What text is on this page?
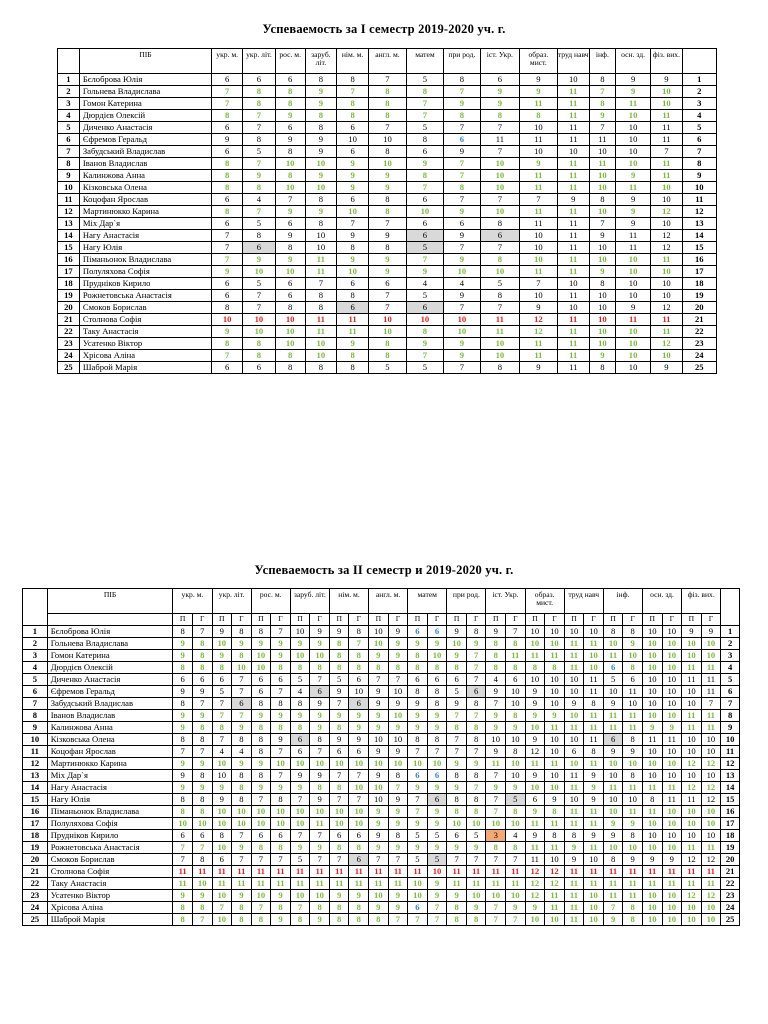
Успеваемость за І семестр 2019-2020 уч. г.
	ПІБ	укр. м.	укр. літ.	рос. м.	заруб. літ.	нім. м.	англ. м.	матем	при род.	іст. Укр.	образ. мист.	труд навч	інф.	осн. зд.	фіз. вих.	
1	Бєлоброва Юлія	6	6	6	8	8	7	5	8	6	9	10	8	9	9	1
2	Гольнева Владислава	7	8	8	9	7	8	8	7	9	9	11	7	9	10	2
3	Гомон Катерина	7	8	8	9	8	8	7	9	9	11	11	8	11	10	3
4	Дюрдієв Олексій	8	7	9	8	8	8	7	8	8	8	11	9	10	11	4
5	Диченко Анастасія	6	7	6	8	6	7	5	7	7	10	11	7	10	11	5
6	Єфремов Геральд	9	8	9	9	10	10	8	6	11	11	11	11	10	11	6
7	Забудський Владислав	6	5	8	9	6	8	6	9	7	10	10	10	10	7	7
8	Іванов Владислав	8	7	10	10	9	10	9	7	10	9	11	11	10	11	8
9	Калинжова Анна	8	9	8	9	9	9	8	7	10	11	11	10	9	11	9
10	Кізковська Олена	8	8	10	10	9	9	7	8	10	11	11	10	11	10	10
11	Коцофан Ярослав	6	4	7	8	6	8	6	7	7	7	9	8	9	10	11
12	Мартинюкко Карина	8	7	9	9	10	8	10	9	10	11	11	10	9	12	12
13	Міх Дар`я	6	5	6	8	7	7	6	6	8	11	11	7	9	10	13
14	Нагу Анастасія	7	8	9	10	9	9	6	9	6	10	11	9	11	12	14
15	Нагу Юлія	7	6	8	10	8	8	5	7	7	10	11	10	11	12	15
16	Піманьонок Владислава	7	9	9	11	9	9	7	9	8	10	11	10	10	11	16
17	Полуляхова Софія	9	10	10	11	10	9	9	10	10	11	11	9	10	10	17
18	Прудніков Кирило	6	5	6	7	6	6	4	4	5	7	10	8	10	10	18
19	Рожнетовська Анастасія	6	7	6	8	8	7	5	9	8	10	11	10	10	10	19
20	Смоков Борислав	8	7	8	8	6	7	6	7	7	9	10	10	9	12	20
21	Столнова Софія	10	10	10	11	11	10	10	10	11	12	11	10	11	11	21
22	Таку Анастасія	9	10	10	11	11	10	8	10	11	12	11	10	10	11	22
23	Усатенко Віктор	8	8	10	10	9	8	9	9	10	11	11	10	10	12	23
24	Хрісова Аліна	7	8	8	10	8	8	7	9	10	11	11	9	10	10	24
25	Шаброй Марія	6	6	8	8	8	5	5	7	8	9	11	8	10	9	25
Успеваемость за ІІ семестр и 2019-2020 уч. г.
	ПІБ	укр. м.		укр. літ.		рос. м.		заруб. літ.		нім. м.		англ. м.		матем		при род.		іст. Укр.		образ. мист.		труд навч		інф.		осн. зд.		фіз. вих.		
		П	Г	П	Г	П	Г	П	Г	П	Г	П	Г	П	Г	П	Г	П	Г	П	Г	П	Г	П	Г	П	Г	П	Г	
1	Бєлоброва Юлія	8	7	9	8	8	7	10	9	9	8	10	9	6	6	9	8	9	7	10	10	10	10	8	8	10	10	9	9	1
2	Гольнева Владислава	9	8	10	9	9	9	9	9	8	7	10	9	9	9	10	9	8	8	10	10	11	11	10	9	10	10	10	10	2
3	Гомон Катерина	9	8	9	8	10	9	10	10	8	8	9	9	8	10	9	7	8	11	11	11	11	10	11	10	10	10	10	10	3
4	Дюрдієв Олексій	8	8	8	10	10	8	8	8	8	8	8	8	8	8	8	7	8	8	8	8	11	10	6	8	10	10	11	11	4
5	Диченко Анастасія	6	6	6	7	6	6	5	7	5	6	7	7	6	6	6	7	4	6	10	10	10	11	5	6	10	10	11	11	5
6	Єфремов Геральд	9	9	5	7	6	7	4	6	9	10	9	10	8	8	5	6	9	10	9	10	10	11	10	11	10	10	10	11	6
7	Забудський Владислав	8	7	7	6	8	8	8	9	7	6	9	9	9	8	9	8	7	10	9	10	9	8	9	10	10	10	10	7	7
8	Іванов Владислав	9	9	7	7	9	9	9	9	9	9	9	10	9	9	7	7	9	8	9	9	10	11	11	11	10	10	11	11	8
9	Калинжова Анна	9	8	8	9	8	8	8	9	8	9	9	9	9	9	8	8	9	9	10	11	11	11	11	11	9	9	11	11	9
10	Кізковська Олена	8	8	7	8	8	9	6	8	9	9	10	10	8	8	7	8	10	10	9	10	10	11	6	8	11	11	10	10	10
11	Коцофан Ярослав	7	7	4	4	8	7	6	7	6	6	9	9	7	7	7	7	9	8	12	10	6	8	9	9	10	10	10	10	11
12	Мартинюкко Карина	9	9	10	9	9	10	10	10	10	10	10	10	10	10	9	9	11	10	11	11	10	11	10	10	10	10	12	12	12
13	Міх Дар`я	9	8	10	8	8	7	9	9	7	7	9	8	6	6	8	8	7	10	9	10	11	9	10	8	10	10	10	10	13
14	Нагу Анастасія	9	9	9	8	9	9	9	8	8	10	10	7	9	9	9	7	9	9	10	10	11	9	11	11	11	11	12	12	14
15	Нагу Юлія	8	8	9	8	7	8	7	9	7	7	10	9	7	6	8	8	7	5	6	9	10	9	10	10	8	11	11	12	15
16	Піманьонок Владислава	8	8	10	10	10	10	10	10	10	10	9	9	7	9	8	8	7	8	9	8	11	11	10	11	11	10	10	10	16
17	Полуляхова Софія	10	10	10	10	10	10	10	11	10	10	9	9	9	9	10	10	10	10	11	11	11	11	9	9	10	10	10	10	17
18	Прудніков Кирило	6	6	8	7	6	6	7	7	6	6	9	8	5	5	6	5	3	4	9	8	8	9	9	8	10	10	10	10	18
19	Рожнетовська Анастасія	7	7	10	9	8	8	9	9	8	8	9	9	9	9	9	9	8	8	11	11	9	11	10	10	10	10	11	11	19
20	Смоков Борислав	7	8	6	7	7	7	5	7	7	6	7	7	5	5	7	7	7	7	11	10	9	10	8	9	9	9	12	12	20
21	Столнова Софія	11	11	11	11	11	11	11	11	11	11	11	11	11	10	11	11	11	11	12	12	11	11	11	11	11	11	11	11	21
22	Таку Анастасія	11	10	11	11	11	11	11	11	11	11	11	11	10	9	11	11	11	11	12	12	11	11	11	11	11	11	11	11	22
23	Усатенко Віктор	9	9	10	9	10	9	10	10	9	9	10	9	10	9	9	10	10	10	12	11	11	10	11	11	10	10	12	12	23
24	Хрісова Аліна	8	8	7	8	7	8	7	8	8	8	9	9	6	7	8	9	7	9	9	11	11	10	7	8	10	10	10	10	24
25	Шаброй Марія	8	7	10	8	8	9	8	9	8	8	8	7	7	7	8	8	7	7	10	10	11	10	9	8	10	10	10	10	25
